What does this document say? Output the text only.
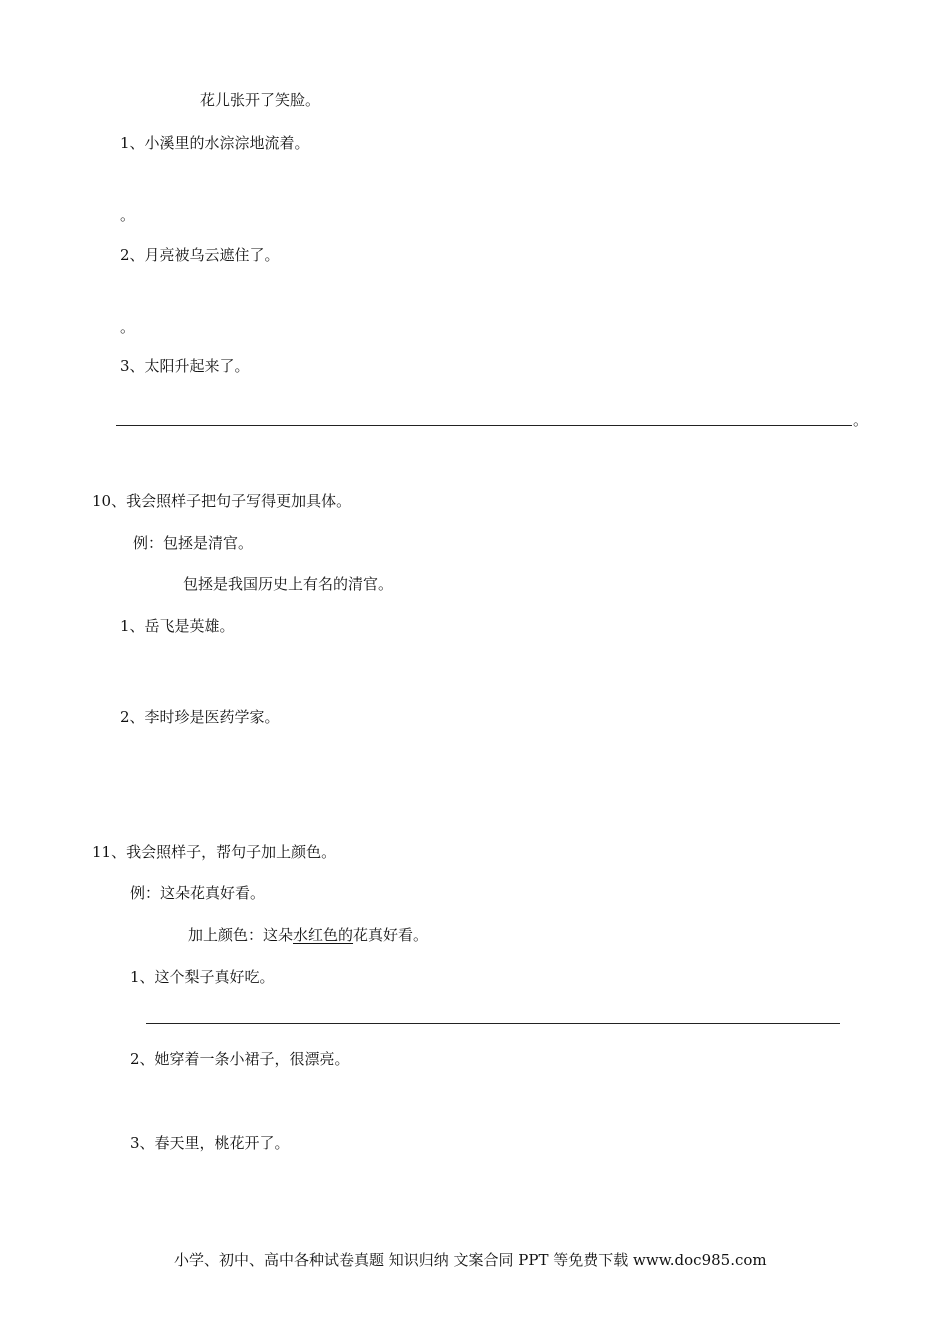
花儿张开了笑脸。
1、小溪里的水淙淙地流着。
。
2、月亮被乌云遮住了。
。
3、太阳升起来了。
。
10、我会照样子把句子写得更加具体。
例：包拯是清官。
包拯是我国历史上有名的清官。
1、岳飞是英雄。
2、李时珍是医药学家。
11、我会照样子，帮句子加上颜色。
例：这朵花真好看。
加上颜色：这朵水红色的花真好看。
1、这个梨子真好吃。
2、她穿着一条小裙子，很漂亮。
3、春天里，桃花开了。
小学、初中、高中各种试卷真题 知识归纳 文案合同 PPT 等免费下载 www.doc985.com
